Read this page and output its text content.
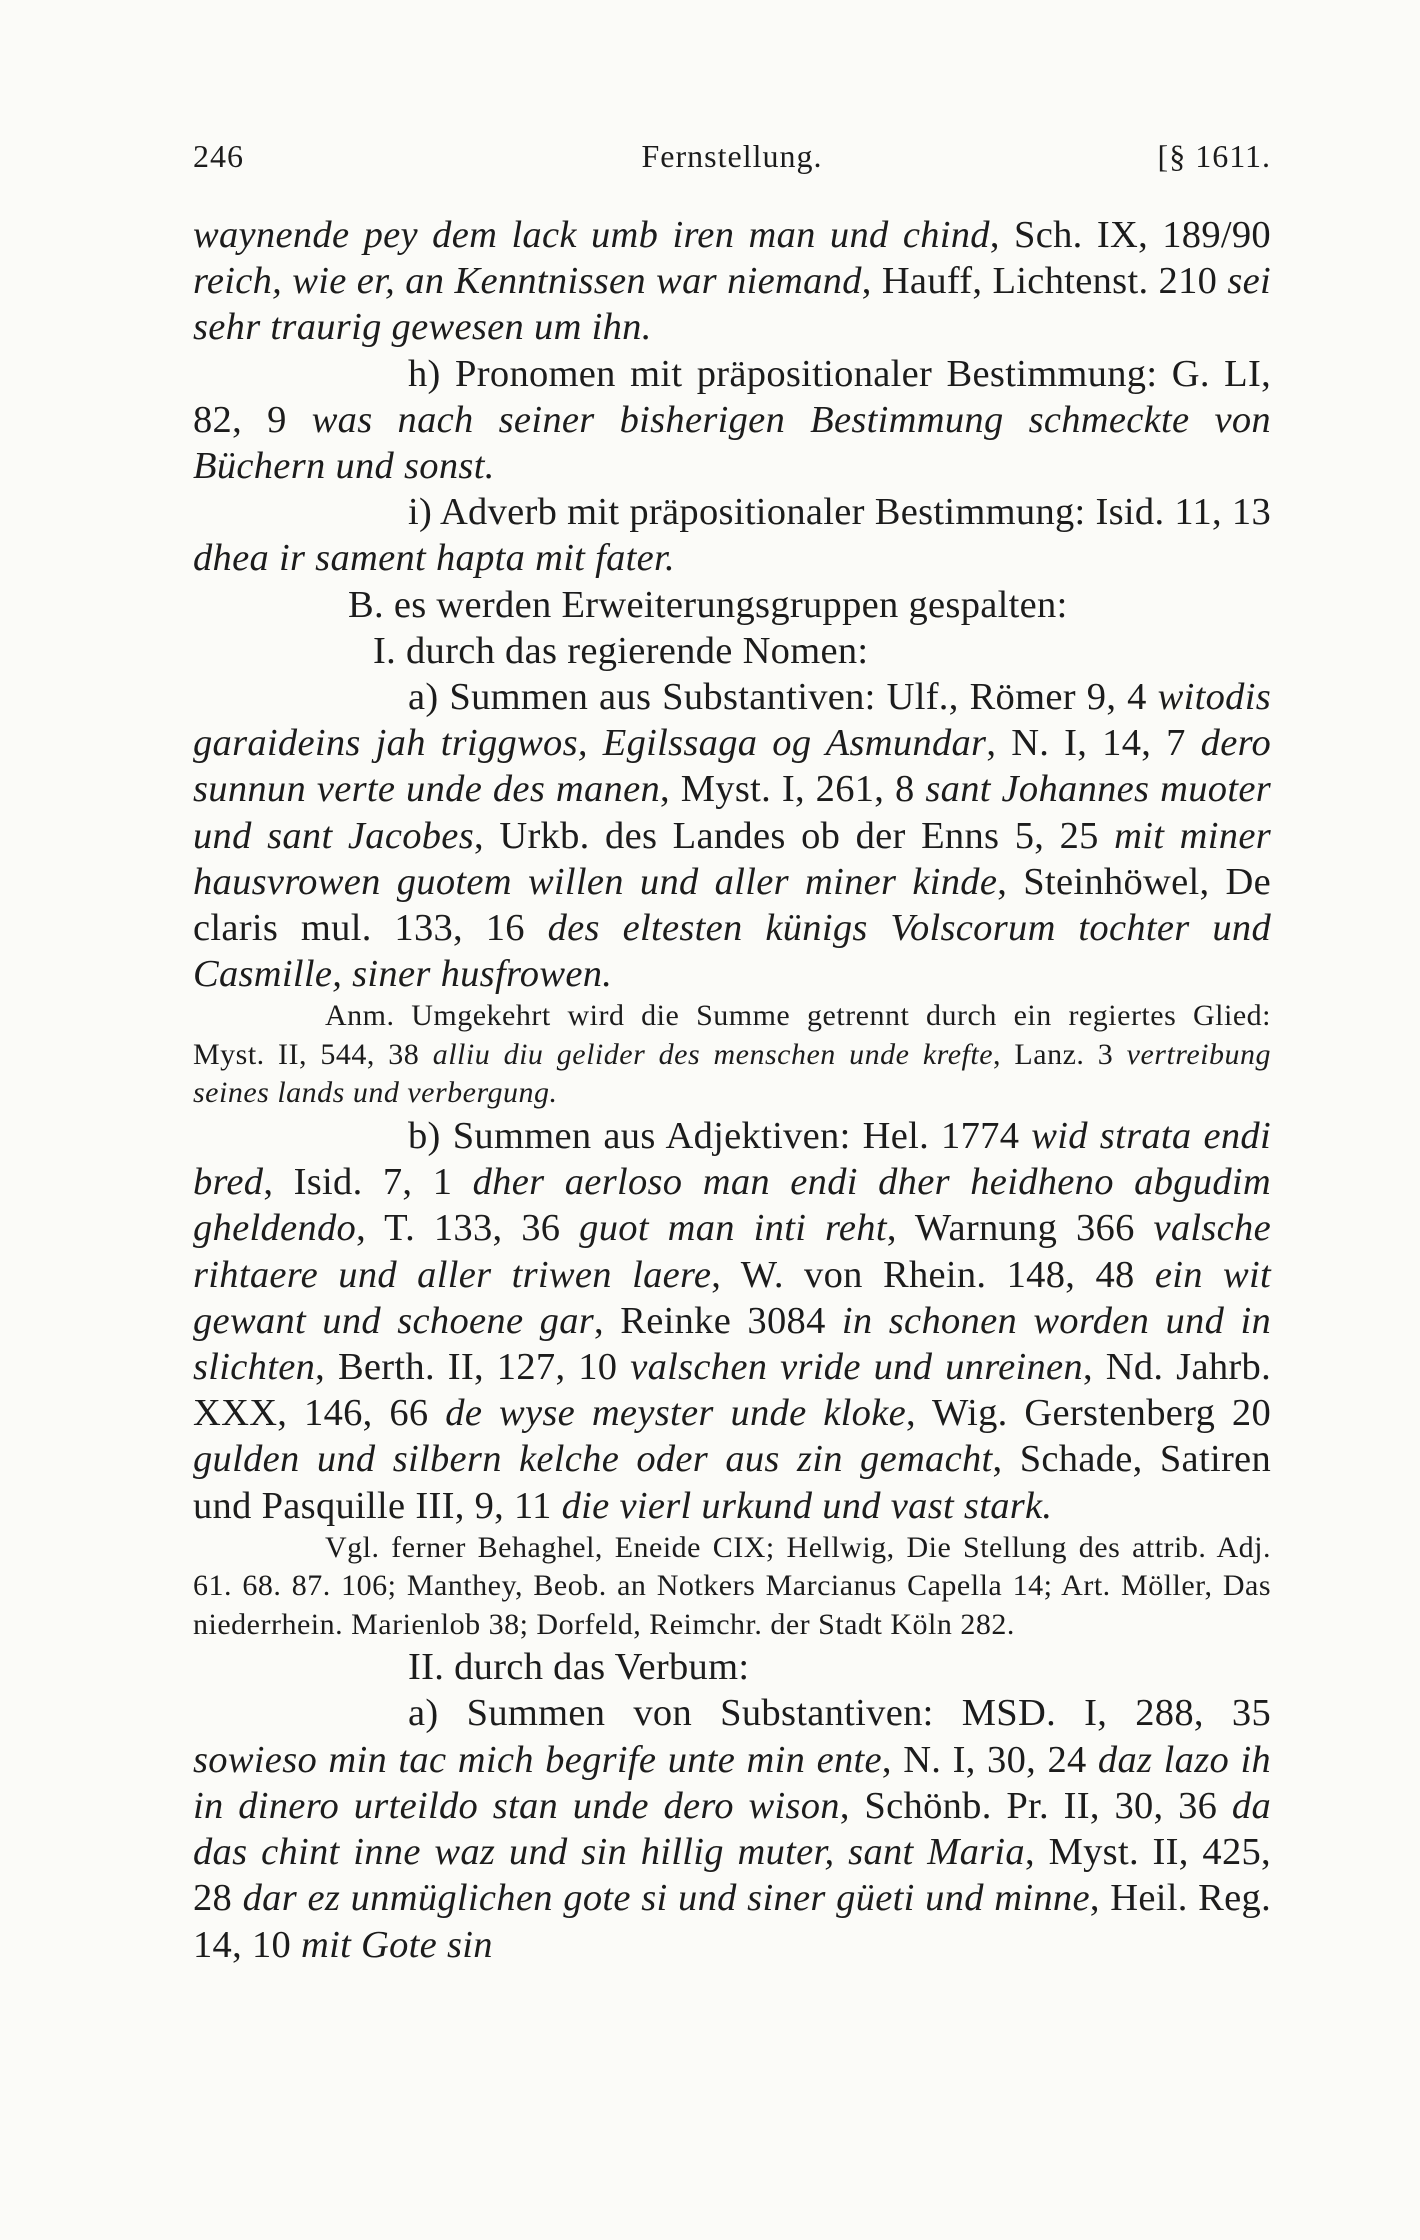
246	Fernstellung.	[§ 1611.

waynende pey dem lack umb iren man und chind, Sch. IX, 189/90 reich, wie er, an Kenntnissen war niemand, Hauff, Lichtenst. 210 sei sehr traurig gewesen um ihn.

h) Pronomen mit präpositionaler Bestimmung: G. LI, 82, 9 was nach seiner bisherigen Bestimmung schmeckte von Büchern und sonst.

i) Adverb mit präpositionaler Bestimmung: Isid. 11, 13 dhea ir sament hapta mit fater.

B. es werden Erweiterungsgruppen gespalten:

I. durch das regierende Nomen:

a) Summen aus Substantiven: Ulf., Römer 9, 4 witodis garaideins jah triggwos, Egilssaga og Asmundar, N. I, 14, 7 dero sunnun verte unde des manen, Myst. I, 261, 8 sant Johannes muoter und sant Jacobes, Urkb. des Landes ob der Enns 5, 25 mit miner hausvrowen guotem willen und aller miner kinde, Steinhöwel, De claris mul. 133, 16 des eltesten künigs Volscorum tochter und Casmille, siner husfrowen.

Anm. Umgekehrt wird die Summe getrennt durch ein regiertes Glied: Myst. II, 544, 38 alliu diu gelider des menschen unde krefte, Lanz. 3 vertreibung seines lands und verbergung.

b) Summen aus Adjektiven: Hel. 1774 wid strata endi bred, Isid. 7, 1 dher aerloso man endi dher heidheno abgudim gheldendo, T. 133, 36 guot man inti reht, Warnung 366 valsche rihtaere und aller triwen laere, W. von Rhein. 148, 48 ein wit gewant und schoene gar, Reinke 3084 in schonen worden und in slichten, Berth. II, 127, 10 valschen vride und unreinen, Nd. Jahrb. XXX, 146, 66 de wyse meyster unde kloke, Wig. Gerstenberg 20 gulden und silbern kelche oder aus zin gemacht, Schade, Satiren und Pasquille III, 9, 11 die vierl urkund und vast stark.

Vgl. ferner Behaghel, Eneide CIX; Hellwig, Die Stellung des attrib. Adj. 61. 68. 87. 106; Manthey, Beob. an Notkers Marcianus Capella 14; Art. Möller, Das niederrhein. Marienlob 38; Dorfeld, Reimchr. der Stadt Köln 282.

II. durch das Verbum:

a) Summen von Substantiven: MSD. I, 288, 35 sowieso min tac mich begrife unte min ente, N. I, 30, 24 daz lazo ih in dinero urteildo stan unde dero wison, Schönb. Pr. II, 30, 36 da das chint inne waz und sin hillig muter, sant Maria, Myst. II, 425, 28 dar ez unmüglichen gote si und siner güeti und minne, Heil. Reg. 14, 10 mit Gote sin
